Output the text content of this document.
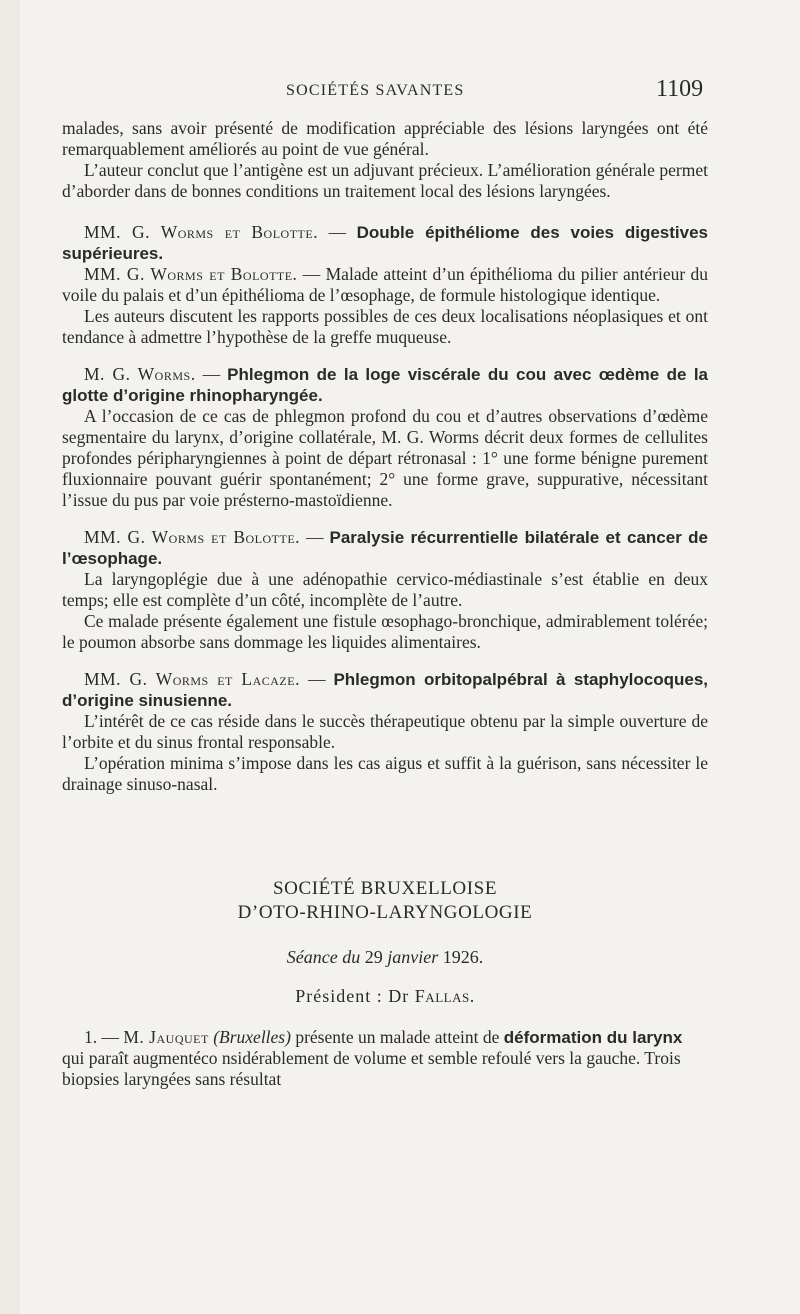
SOCIÉTÉS SAVANTES	1109

malades, sans avoir présenté de modification appréciable des lésions laryngées ont été remarquablement améliorés au point de vue général.

L’auteur conclut que l’antigène est un adjuvant précieux. L’amélioration générale permet d’aborder dans de bonnes conditions un traitement local des lésions laryngées.

MM. G. Worms et Bolotte. — Double épithéliome des voies digestives supérieures.

MM. G. Worms et Bolotte. — Malade atteint d’un épithélioma du pilier antérieur du voile du palais et d’un épithélioma de l’œsophage, de formule histologique identique.

Les auteurs discutent les rapports possibles de ces deux localisations néoplasiques et ont tendance à admettre l’hypothèse de la greffe muqueuse.

M. G. Worms. — Phlegmon de la loge viscérale du cou avec œdème de la glotte d’origine rhinopharyngée.

A l’occasion de ce cas de phlegmon profond du cou et d’autres observations d’œdème segmentaire du larynx, d’origine collatérale, M. G. Worms décrit deux formes de cellulites profondes péripharyngiennes à point de départ rétronasal : 1° une forme bénigne purement fluxionnaire pouvant guérir spontanément; 2° une forme grave, suppurative, nécessitant l’issue du pus par voie présterno-mastoïdienne.

MM. G. Worms et Bolotte. — Paralysie récurrentielle bilatérale et cancer de l’œsophage.

La laryngoplégie due à une adénopathie cervico-médiastinale s’est établie en deux temps; elle est complète d’un côté, incomplète de l’autre.

Ce malade présente également une fistule œsophago-bronchique, admirablement tolérée; le poumon absorbe sans dommage les liquides alimentaires.

MM. G. Worms et Lacaze. — Phlegmon orbitopalpébral à staphylocoques, d’origine sinusienne.

L’intérêt de ce cas réside dans le succès thérapeutique obtenu par la simple ouverture de l’orbite et du sinus frontal responsable.

L’opération minima s’impose dans les cas aigus et suffit à la guérison, sans nécessiter le drainage sinuso-nasal.

SOCIÉTÉ BRUXELLOISE
D’OTO-RHINO-LARYNGOLOGIE
Séance du 29 janvier 1926.
Président : Dr Fallas.

1. — M. Jauquet (Bruxelles) présente un malade atteint de déformation du larynx qui paraît augmentéco nsidérablement de volume et semble refoulé vers la gauche. Trois biopsies laryngées sans résultat
